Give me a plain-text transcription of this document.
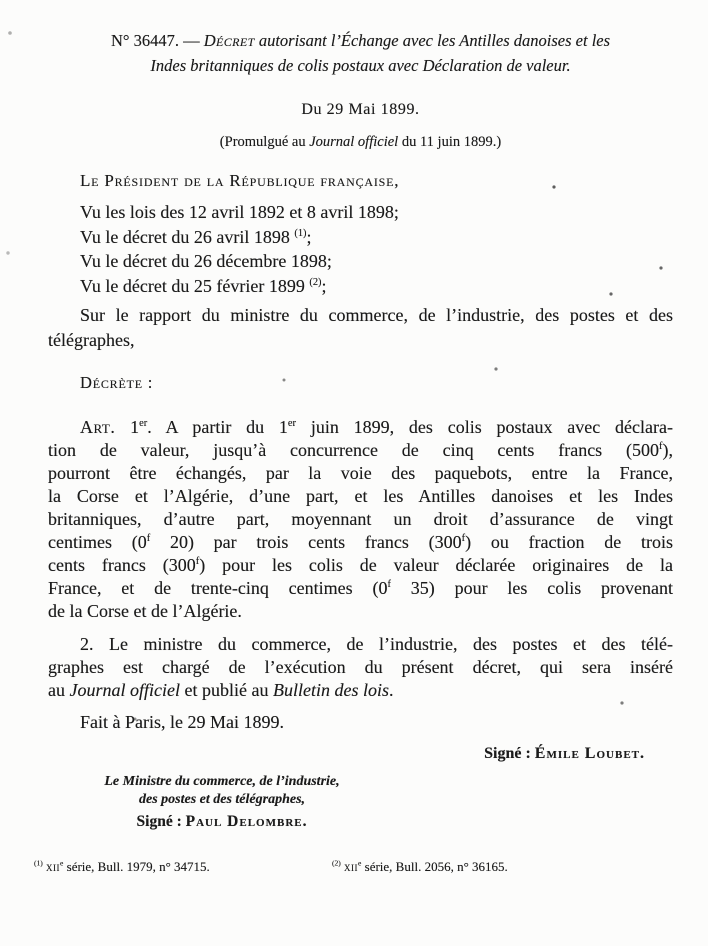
N° 36447. — Décret autorisant l’Échange avec les Antilles danoises et les
Indes britanniques de colis postaux avec Déclaration de valeur.
Du 29 Mai 1899.
(Promulgué au Journal officiel du 11 juin 1899.)
Le Président de la République française,
Vu les lois des 12 avril 1892 et 8 avril 1898;
Vu le décret du 26 avril 1898 $^{(1)}$;
Vu le décret du 26 décembre 1898;
Vu le décret du 25 février 1899 $^{(2)}$;
Sur le rapport du ministre du commerce, de l’industrie, des postes et des
télégraphes,
Décrète :
Art. 1er. A partir du 1er juin 1899, des colis postaux avec déclara-
tion de valeur, jusqu’à concurrence de cinq cents francs (500$^f$),
pourront être échangés, par la voie des paquebots, entre la France,
la Corse et l’Algérie, d’une part, et les Antilles danoises et les Indes
britanniques, d’autre part, moyennant un droit d’assurance de vingt
centimes (0$^f$ 20) par trois cents francs (300$^f$) ou fraction de trois
cents francs (300$^f$) pour les colis de valeur déclarée originaires de la
France, et de trente-cinq centimes (0$^f$ 35) pour les colis provenant
de la Corse et de l’Algérie.
2. Le ministre du commerce, de l’industrie, des postes et des télé-
graphes est chargé de l’exécution du présent décret, qui sera inséré
au Journal officiel et publié au Bulletin des lois.
Fait à Paris, le 29 Mai 1899.
Signé : Émile Loubet.
Le Ministre du commerce, de l’industrie,
des postes et des télégraphes,
Signé : Paul Delombre.
$^{(1)}$ xii$^e$ série, Bull. 1979, n° 34715.	$^{(2)}$ xii$^e$ série, Bull. 2056, n° 36165.
